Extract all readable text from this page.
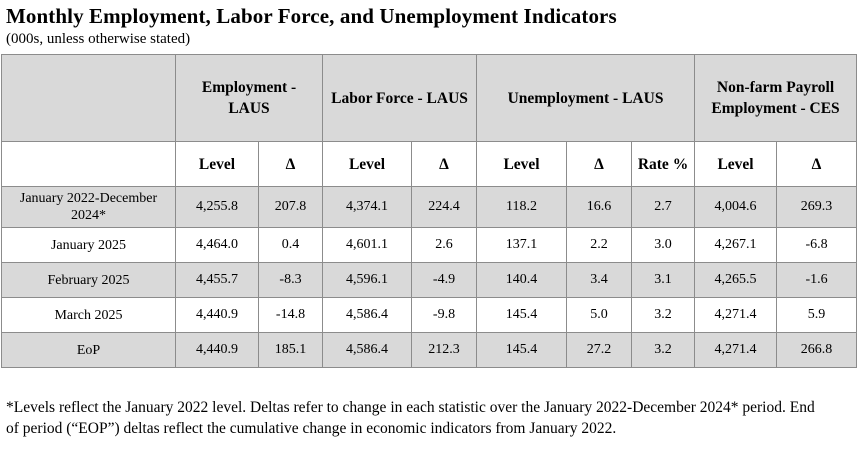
Monthly Employment, Labor Force, and Unemployment Indicators
(000s, unless otherwise stated)
	Employment - LAUS		Labor Force - LAUS		Unemployment - LAUS			Non-farm Payroll Employment - CES	
	Level	Δ	Level	Δ	Level	Δ	Rate %	Level	Δ
January 2022-December 2024*	4,255.8	207.8	4,374.1	224.4	118.2	16.6	2.7	4,004.6	269.3
January 2025	4,464.0	0.4	4,601.1	2.6	137.1	2.2	3.0	4,267.1	-6.8
February 2025	4,455.7	-8.3	4,596.1	-4.9	140.4	3.4	3.1	4,265.5	-1.6
March 2025	4,440.9	-14.8	4,586.4	-9.8	145.4	5.0	3.2	4,271.4	5.9
EoP	4,440.9	185.1	4,586.4	212.3	145.4	27.2	3.2	4,271.4	266.8
*Levels reflect the January 2022 level. Deltas refer to change in each statistic over the January 2022-December 2024* period. End of period (“EOP”) deltas reflect the cumulative change in economic indicators from January 2022.
